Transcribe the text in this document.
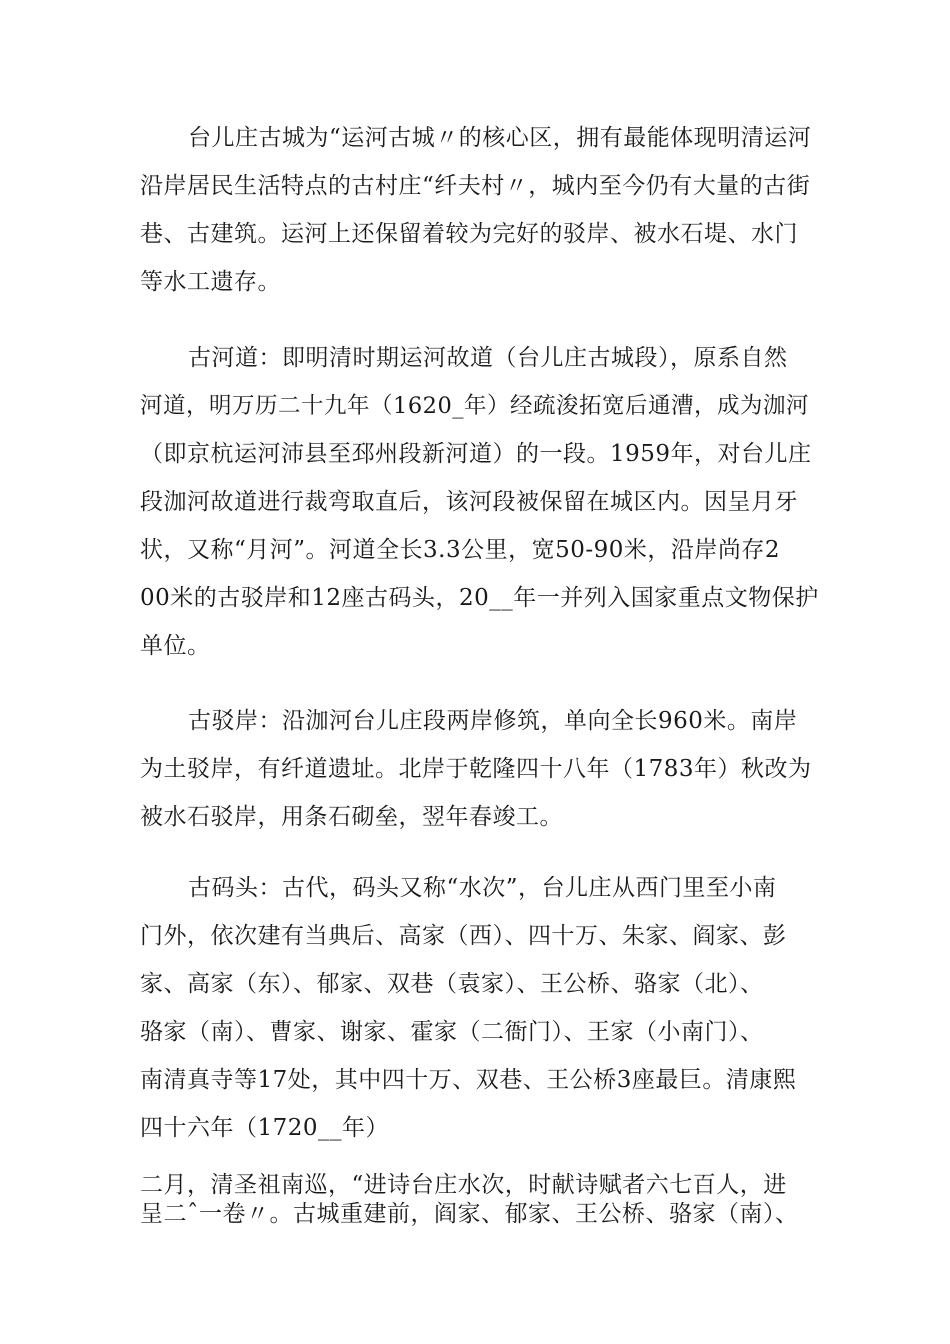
台儿庄古城为“运河古城〃的核心区，拥有最能体现明清运河
沿岸居民生活特点的古村庄“纤夫村〃，城内至今仍有大量的古街
巷、古建筑。运河上还保留着较为完好的驳岸、被水石堤、水门
等水工遗存。

古河道：即明清时期运河故道（台儿庄古城段），原系自然
河道，明万历二十九年（1620_年）经疏浚拓宽后通漕，成为泇河
（即京杭运河沛县至邳州段新河道）的一段。1959年，对台儿庄
段泇河故道进行裁弯取直后，该河段被保留在城区内。因呈月牙
状，又称“月河”。河道全长3.3公里，宽50-90米，沿岸尚存2
00米的古驳岸和12座古码头，20__年一并列入国家重点文物保护
单位。

古驳岸：沿泇河台儿庄段两岸修筑，单向全长960米。南岸
为土驳岸，有纤道遗址。北岸于乾隆四十八年（1783年）秋改为
被水石驳岸，用条石砌垒，翌年春竣工。

古码头：古代，码头又称“水次”，台儿庄从西门里至小南
门外，依次建有当典后、高家（西）、四十万、朱家、阎家、彭
家、高家（东）、郁家、双巷（袁家）、王公桥、骆家（北）、
骆家（南）、曹家、谢家、霍家（二衙门）、王家（小南门）、
南清真寺等17处，其中四十万、双巷、王公桥3座最巨。清康熙
四十六年（1720__年）

二月，清圣祖南巡，“进诗台庄水次，时献诗赋者六七百人，进
呈二ˆ一卷〃。古城重建前，阎家、郁家、王公桥、骆家（南）、
